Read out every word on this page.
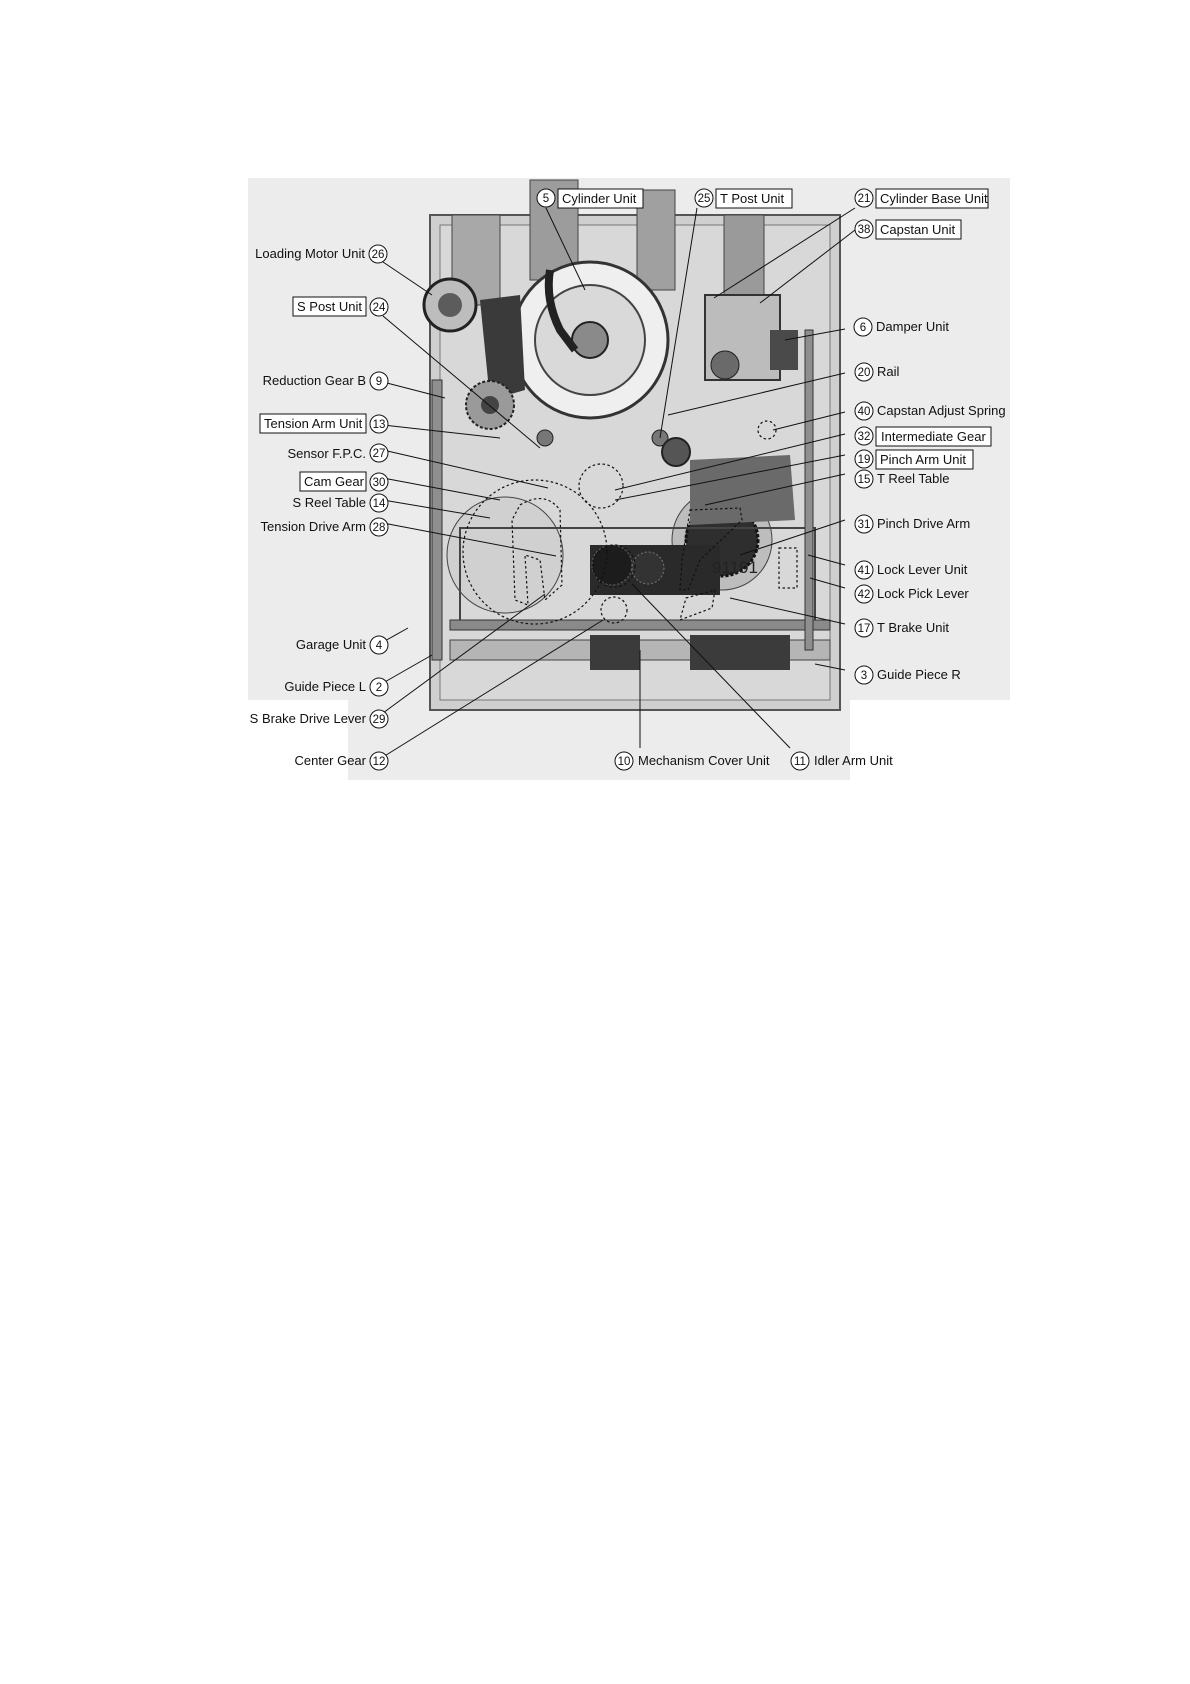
91191
5 Cylinder Unit	25 T Post Unit	21 Cylinder Base Unit
38 Capstan Unit
Loading Motor Unit 26
S Post Unit 24
6 Damper Unit
Reduction Gear B 9
20 Rail
40 Capstan Adjust Spring
Tension Arm Unit 13
32 Intermediate Gear
Sensor F.P.C. 27	19 Pinch Arm Unit
Cam Gear 30	15 T Reel Table
S Reel Table 14
Tension Drive Arm 28	31 Pinch Drive Arm
41 Lock Lever Unit
42 Lock Pick Lever
17 T Brake Unit
Garage Unit 4
Guide Piece L 2
3 Guide Piece R
S Brake Drive Lever 29
Center Gear 12	10 Mechanism Cover Unit 11 Idler Arm Unit
